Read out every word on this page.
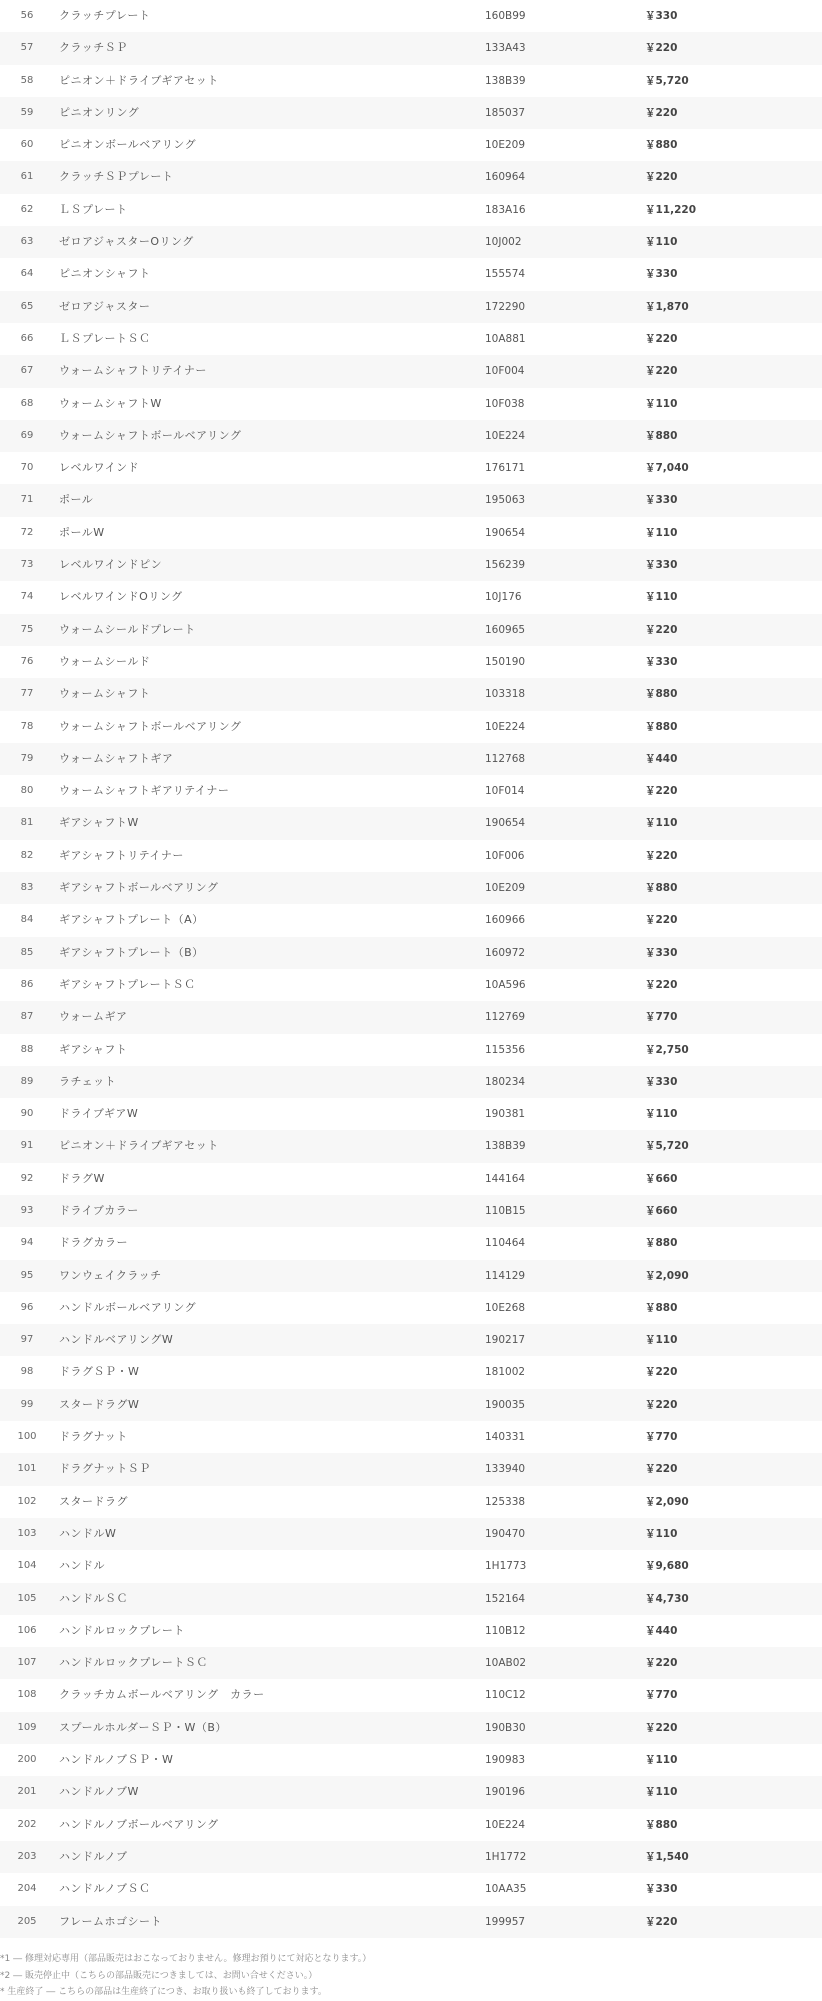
56	クラッチプレート	160B99	￥330
57	クラッチＳＰ	133A43	￥220
58	ピニオン＋ドライブギアセット	138B39	￥5,720
59	ピニオンリング	185037	￥220
60	ピニオンボールベアリング	10E209	￥880
61	クラッチＳＰプレート	160964	￥220
62	ＬＳプレート	183A16	￥11,220
63	ゼロアジャスターOリング	10J002	￥110
64	ピニオンシャフト	155574	￥330
65	ゼロアジャスター	172290	￥1,870
66	ＬＳプレートＳＣ	10A881	￥220
67	ウォームシャフトリテイナー	10F004	￥220
68	ウォームシャフトW	10F038	￥110
69	ウォームシャフトボールベアリング	10E224	￥880
70	レベルワインド	176171	￥7,040
71	ポール	195063	￥330
72	ポールW	190654	￥110
73	レベルワインドピン	156239	￥330
74	レベルワインドOリング	10J176	￥110
75	ウォームシールドプレート	160965	￥220
76	ウォームシールド	150190	￥330
77	ウォームシャフト	103318	￥880
78	ウォームシャフトボールベアリング	10E224	￥880
79	ウォームシャフトギア	112768	￥440
80	ウォームシャフトギアリテイナー	10F014	￥220
81	ギアシャフトW	190654	￥110
82	ギアシャフトリテイナー	10F006	￥220
83	ギアシャフトボールベアリング	10E209	￥880
84	ギアシャフトプレート（A）	160966	￥220
85	ギアシャフトプレート（B）	160972	￥330
86	ギアシャフトプレートＳＣ	10A596	￥220
87	ウォームギア	112769	￥770
88	ギアシャフト	115356	￥2,750
89	ラチェット	180234	￥330
90	ドライブギアW	190381	￥110
91	ピニオン＋ドライブギアセット	138B39	￥5,720
92	ドラグW	144164	￥660
93	ドライブカラー	110B15	￥660
94	ドラグカラー	110464	￥880
95	ワンウェイクラッチ	114129	￥2,090
96	ハンドルボールベアリング	10E268	￥880
97	ハンドルベアリングW	190217	￥110
98	ドラグＳＰ・W	181002	￥220
99	スタードラグW	190035	￥220
100	ドラグナット	140331	￥770
101	ドラグナットＳＰ	133940	￥220
102	スタードラグ	125338	￥2,090
103	ハンドルW	190470	￥110
104	ハンドル	1H1773	￥9,680
105	ハンドルＳＣ	152164	￥4,730
106	ハンドルロックプレート	110B12	￥440
107	ハンドルロックプレートＳＣ	10AB02	￥220
108	クラッチカムボールベアリング　カラー	110C12	￥770
109	スプールホルダーＳＰ・W（B）	190B30	￥220
200	ハンドルノブＳＰ・W	190983	￥110
201	ハンドルノブW	190196	￥110
202	ハンドルノブボールベアリング	10E224	￥880
203	ハンドルノブ	1H1772	￥1,540
204	ハンドルノブＳＣ	10AA35	￥330
205	フレームホゴシート	199957	￥220
*1 ― 修理対応専用（部品販売はおこなっておりません。修理お預りにて対応となります。）
*2 ― 販売停止中（こちらの部品販売につきましては、お問い合せください。）
* 生産終了 ― こちらの部品は生産終了につき、お取り扱いも終了しております。
